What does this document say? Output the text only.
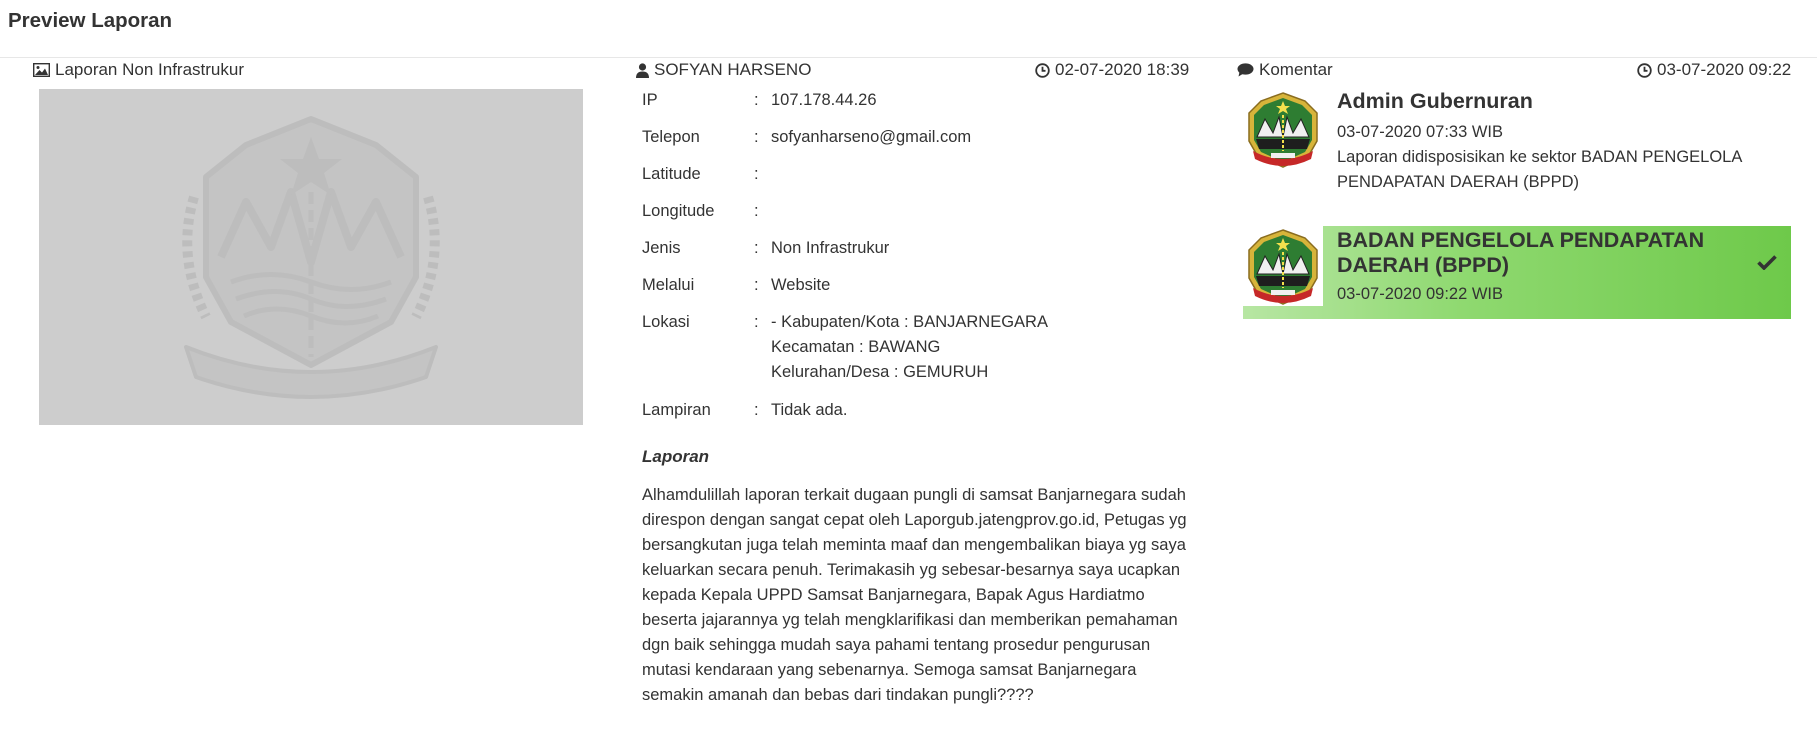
Preview Laporan
Laporan Non Infrastrukur	SOFYAN HARSENO	02-07-2020 18:39
IP	:	107.178.44.26
Telepon	:	sofyanharseno@gmail.com
Latitude	:	
Longitude	:	
Jenis	:	Non Infrastrukur
Melalui	:	Website
Lokasi	:	- Kabupaten/Kota : BANJARNEGARA
Kecamatan : BAWANG
Kelurahan/Desa : GEMURUH

Lampiran	:	Tidak ada.
Laporan

Alhamdulillah laporan terkait dugaan pungli di samsat Banjarnegara sudah direspon dengan sangat cepat oleh Laporgub.jatengprov.go.id, Petugas yg bersangkutan juga telah meminta maaf dan mengembalikan biaya yg saya keluarkan secara penuh. Terimakasih yg sebesar-besarnya saya ucapkan kepada Kepala UPPD Samsat Banjarnegara, Bapak Agus Hardiatmo beserta jajarannya yg telah mengklarifikasi dan memberikan pemahaman dgn baik sehingga mudah saya pahami tentang prosedur pengurusan mutasi kendaraan yang sebenarnya. Semoga samsat Banjarnegara semakin amanah dan bebas dari tindakan pungli????

Komentar	03-07-2020 09:22
Admin Gubernuran
03-07-2020 07:33 WIB
Laporan didisposisikan ke sektor BADAN PENGELOLA PENDAPATAN DAERAH (BPPD)
BADAN PENGELOLA PENDAPATAN DAERAH (BPPD)
03-07-2020 09:22 WIB
